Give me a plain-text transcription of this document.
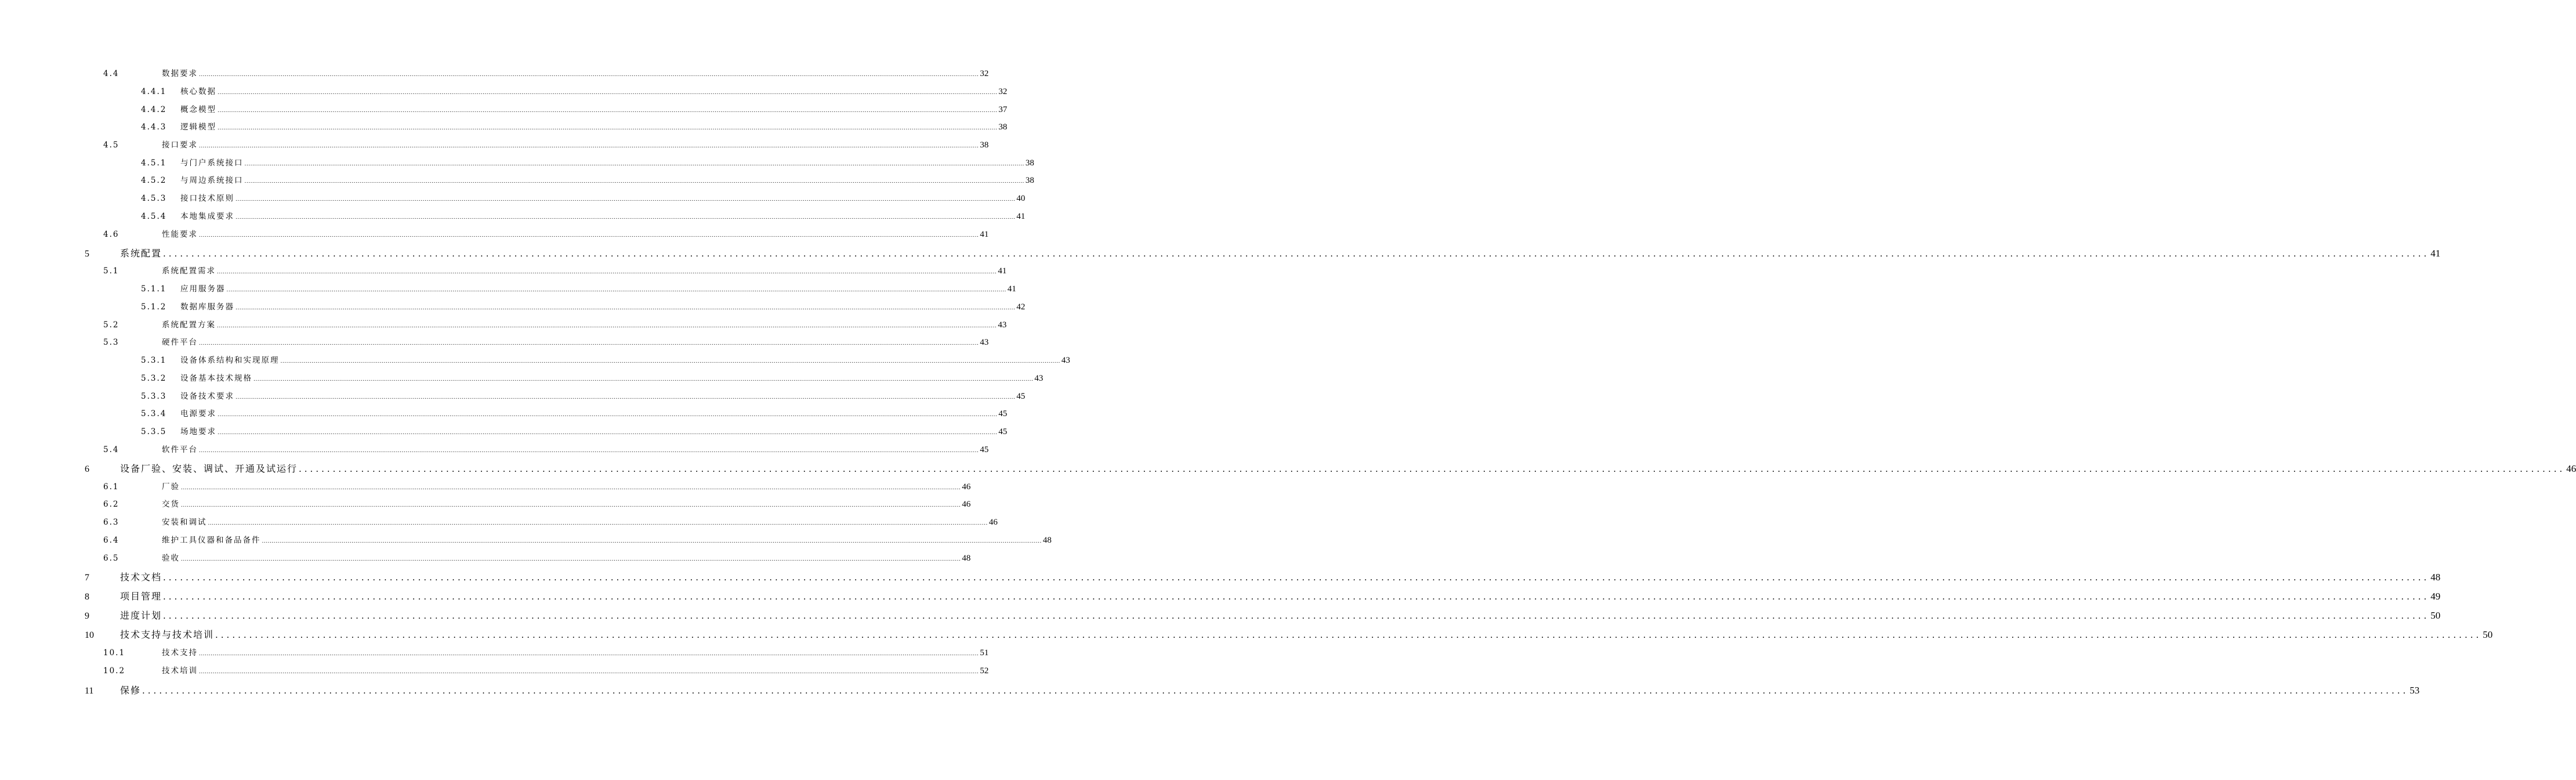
4.4	数据要求 ................................................................................................................................................................................................................................................................................................................................................................................................................ 32
4.4.1	核心数据 ................................................................................................................................................................................................................................................................................................................................................................................................................ 32
4.4.2	概念模型 ................................................................................................................................................................................................................................................................................................................................................................................................................ 37
4.4.3	逻辑模型 ................................................................................................................................................................................................................................................................................................................................................................................................................ 38
4.5	接口要求 ................................................................................................................................................................................................................................................................................................................................................................................................................ 38
4.5.1	与门户系统接口 ................................................................................................................................................................................................................................................................................................................................................................................................................ 38
4.5.2	与周边系统接口 ................................................................................................................................................................................................................................................................................................................................................................................................................ 38
4.5.3	接口技术原则 ................................................................................................................................................................................................................................................................................................................................................................................................................ 40
4.5.4	本地集成要求 ................................................................................................................................................................................................................................................................................................................................................................................................................ 41
4.6	性能要求 ................................................................................................................................................................................................................................................................................................................................................................................................................ 41
5	系统配置 ................................................................................................................................................................................................................................................................................................................................................................................................................ 41
5.1	系统配置需求 ................................................................................................................................................................................................................................................................................................................................................................................................................ 41
5.1.1	应用服务器 ................................................................................................................................................................................................................................................................................................................................................................................................................ 41
5.1.2	数据库服务器 ................................................................................................................................................................................................................................................................................................................................................................................................................ 42
5.2	系统配置方案 ................................................................................................................................................................................................................................................................................................................................................................................................................ 43
5.3	硬件平台 ................................................................................................................................................................................................................................................................................................................................................................................................................ 43
5.3.1	设备体系结构和实现原理 ................................................................................................................................................................................................................................................................................................................................................................................................................ 43
5.3.2	设备基本技术规格 ................................................................................................................................................................................................................................................................................................................................................................................................................ 43
5.3.3	设备技术要求 ................................................................................................................................................................................................................................................................................................................................................................................................................ 45
5.3.4	电源要求 ................................................................................................................................................................................................................................................................................................................................................................................................................ 45
5.3.5	场地要求 ................................................................................................................................................................................................................................................................................................................................................................................................................ 45
5.4	软件平台 ................................................................................................................................................................................................................................................................................................................................................................................................................ 45
6	设备厂验、安装、调试、开通及试运行 ................................................................................................................................................................................................................................................................................................................................................................................................................ 46
6.1	厂验 ................................................................................................................................................................................................................................................................................................................................................................................................................ 46
6.2	交货 ................................................................................................................................................................................................................................................................................................................................................................................................................ 46
6.3	安装和调试 ................................................................................................................................................................................................................................................................................................................................................................................................................ 46
6.4	维护工具仪器和备品备件 ................................................................................................................................................................................................................................................................................................................................................................................................................ 48
6.5	验收 ................................................................................................................................................................................................................................................................................................................................................................................................................ 48
7	技术文档 ................................................................................................................................................................................................................................................................................................................................................................................................................ 48
8	项目管理 ................................................................................................................................................................................................................................................................................................................................................................................................................ 49
9	进度计划 ................................................................................................................................................................................................................................................................................................................................................................................................................ 50
10	技术支持与技术培训 ................................................................................................................................................................................................................................................................................................................................................................................................................ 50
10.1	技术支持 ................................................................................................................................................................................................................................................................................................................................................................................................................ 51
10.2	技术培训 ................................................................................................................................................................................................................................................................................................................................................................................................................ 52
11	保修 ................................................................................................................................................................................................................................................................................................................................................................................................................ 53
